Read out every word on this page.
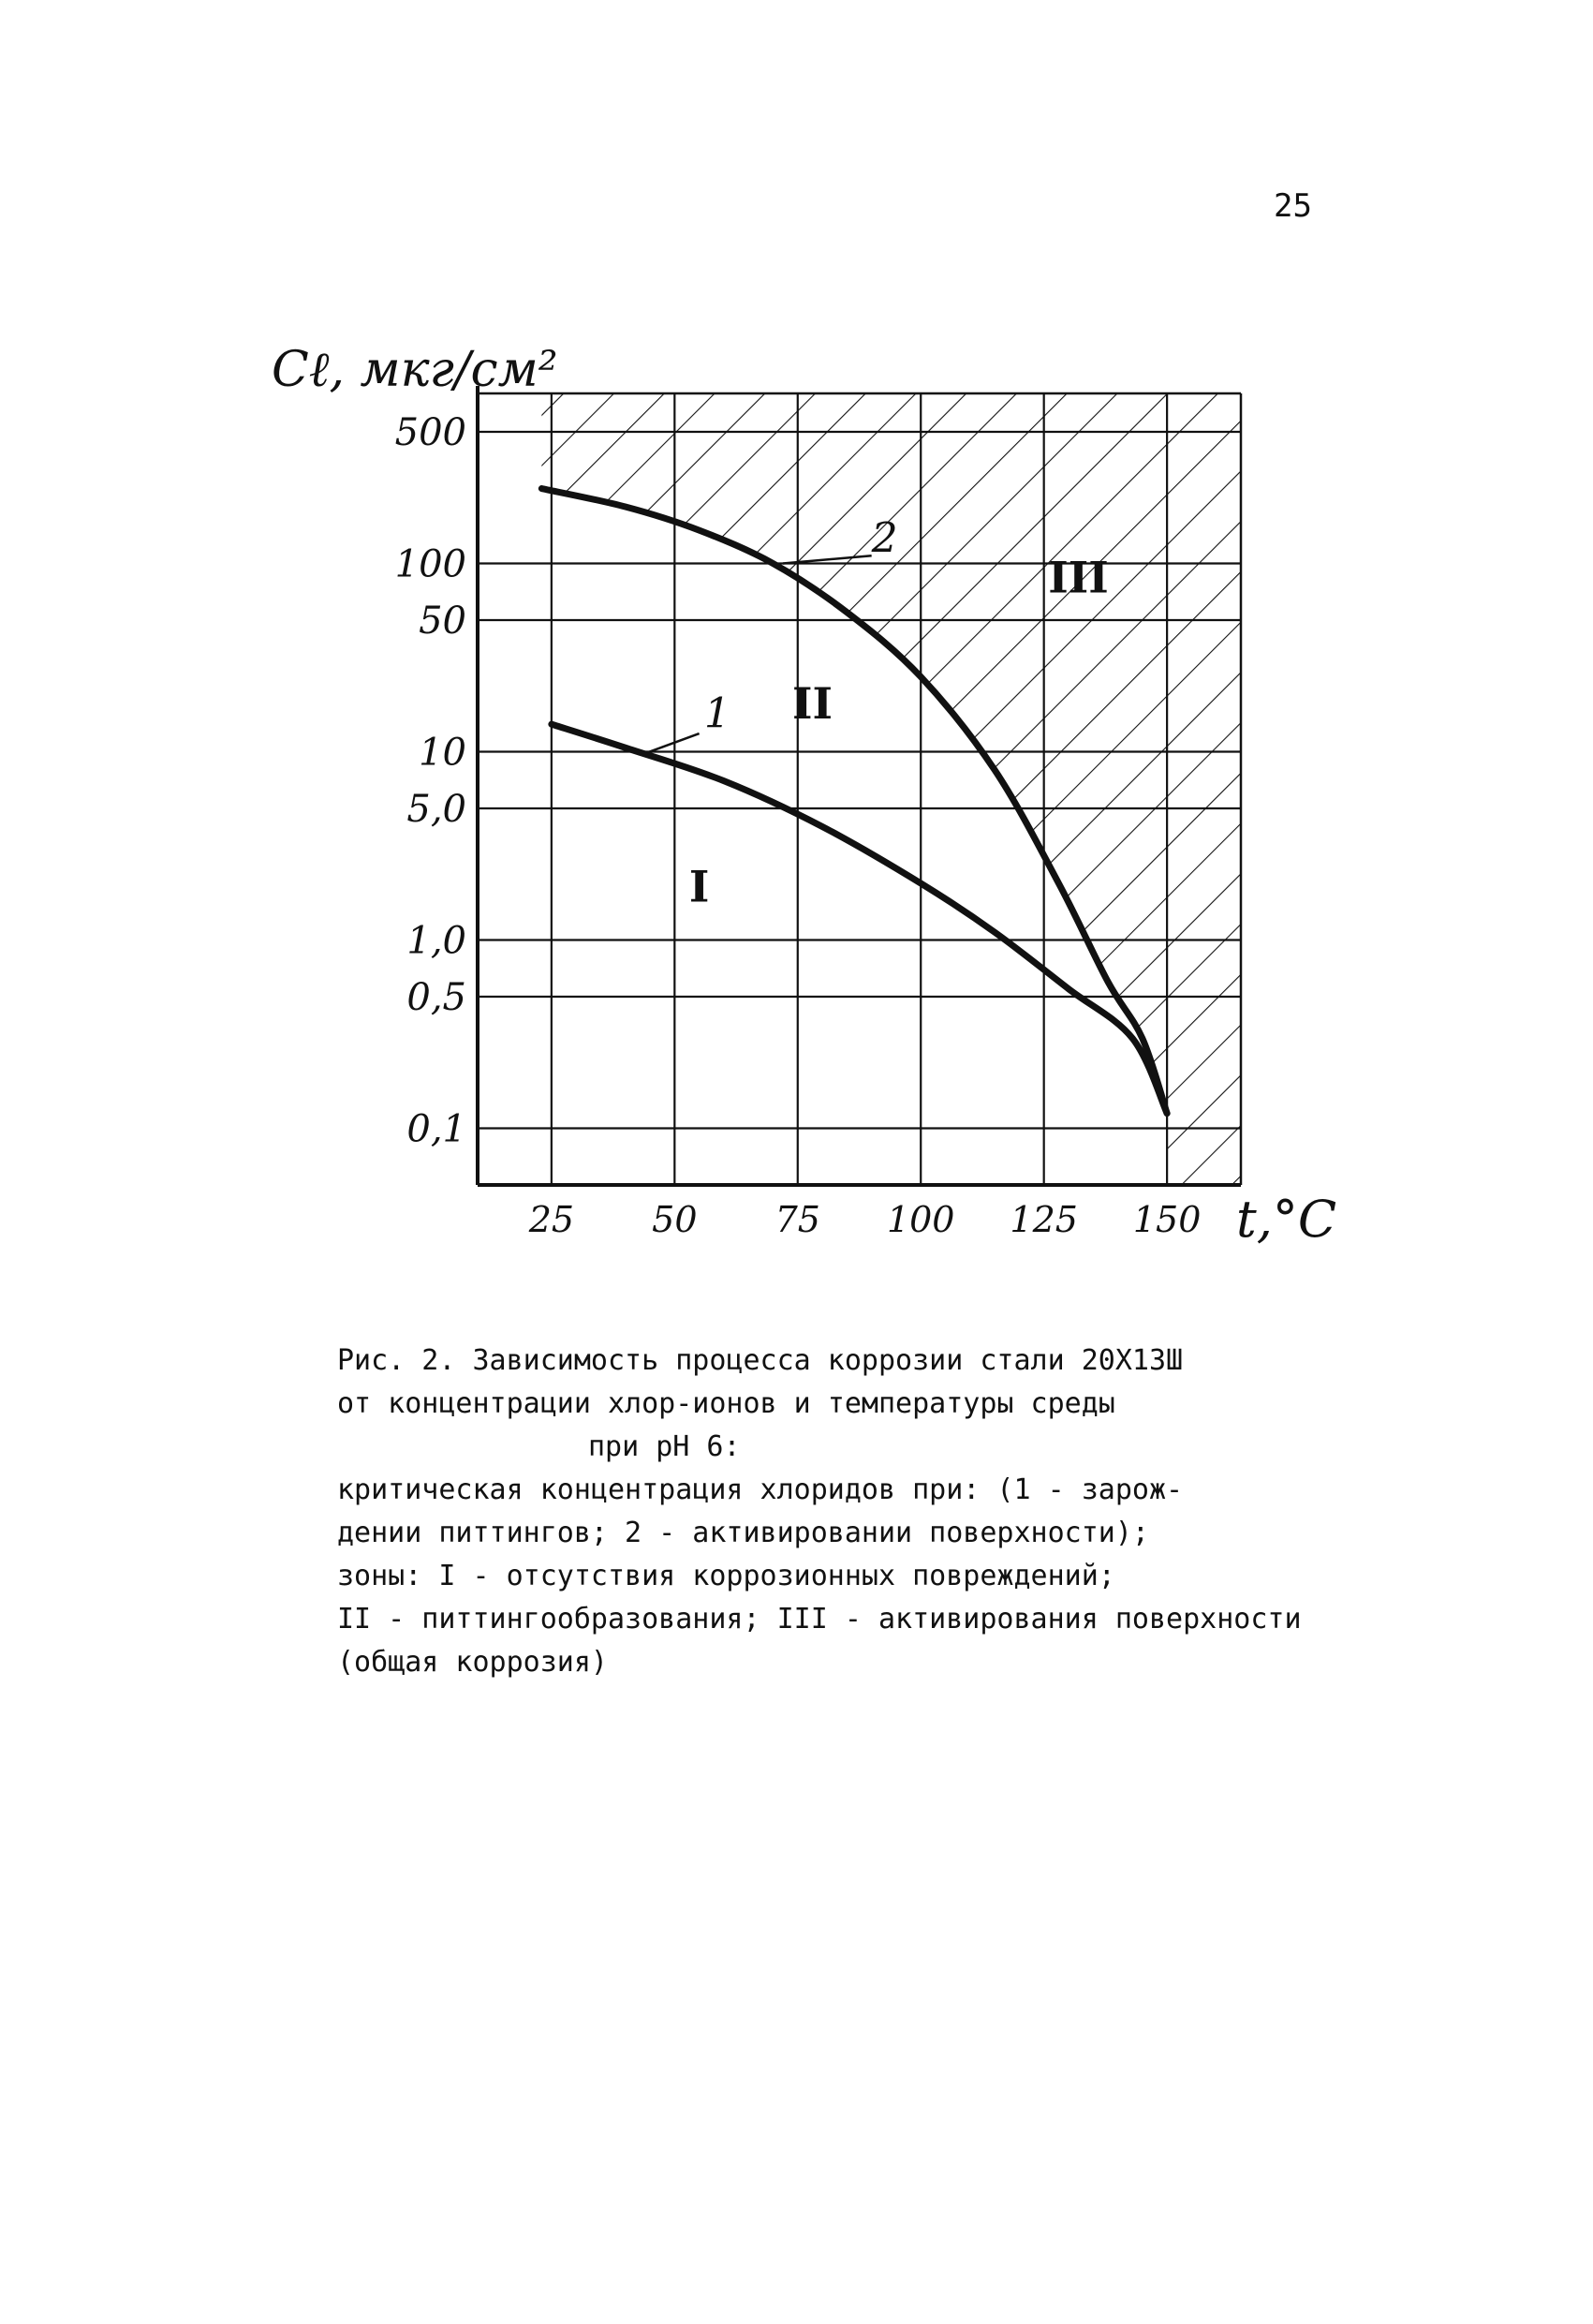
25
25 50 75 100 125 150
500
100
50
10
5,0
1,0
0,5
0,1
1
2
I
II
III
Cℓ, мкг/см²
t,°C
Рис. 2. Зависимость процесса коррозии стали 20Х13Ш
от концентрации хлор-ионов и температуры среды
при pH 6:
критическая концентрация хлоридов при: (1 - зарож-
дении питтингов; 2 - активировании поверхности);
зоны: I - отсутствия коррозионных повреждений;
II - питтингообразования; III - активирования поверхности
(общая коррозия)
